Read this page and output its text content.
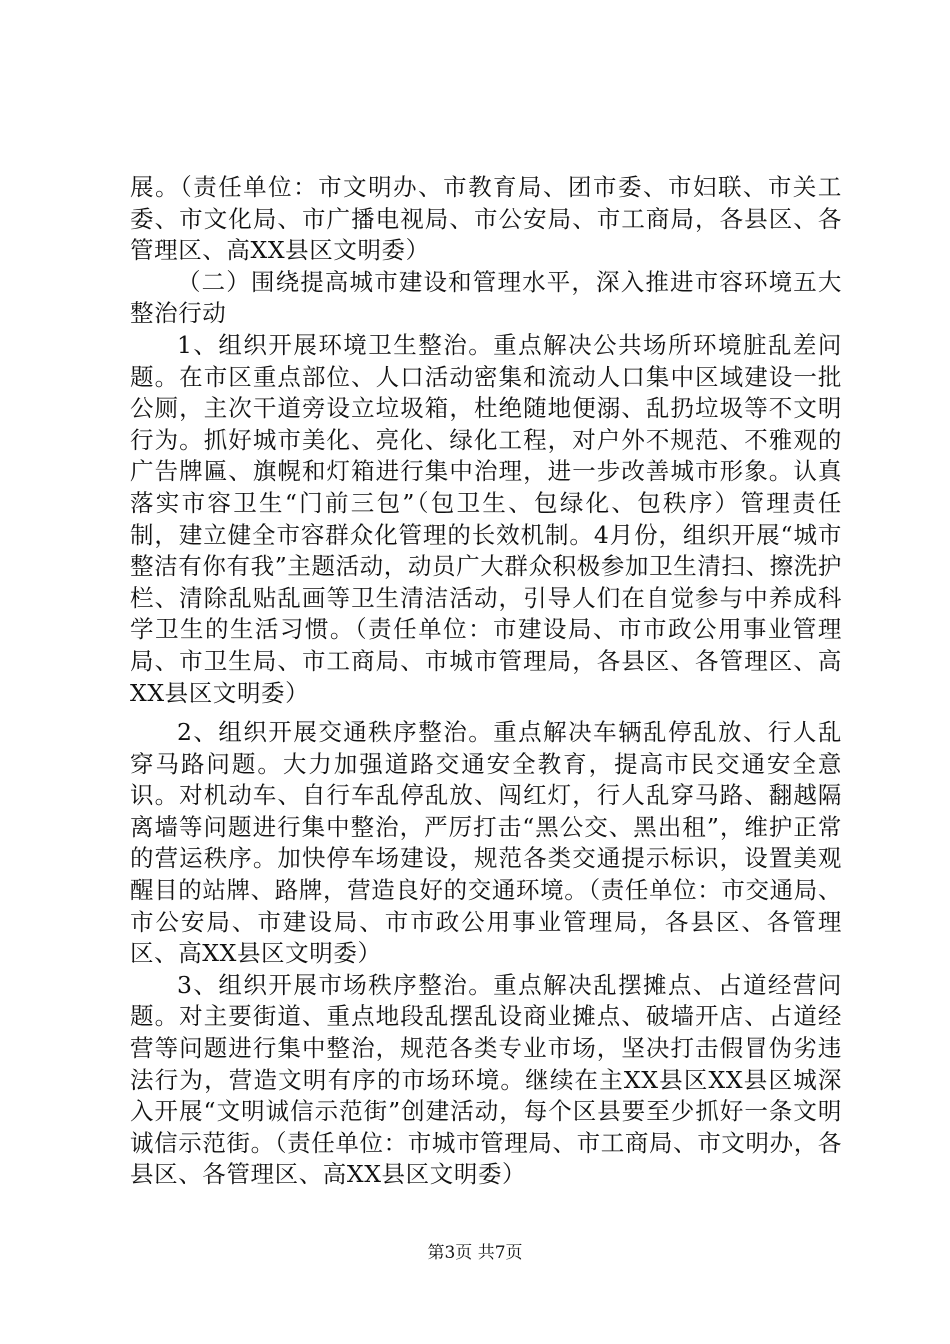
展。（责任单位：市文明办、市教育局、团市委、市妇联、市关工委、市文化局、市广播电视局、市公安局、市工商局，各县区、各管理区、高XX县区文明委）

（二）围绕提高城市建设和管理水平，深入推进市容环境五大整治行动

1、组织开展环境卫生整治。重点解决公共场所环境脏乱差问题。在市区重点部位、人口活动密集和流动人口集中区域建设一批公厕，主次干道旁设立垃圾箱，杜绝随地便溺、乱扔垃圾等不文明行为。抓好城市美化、亮化、绿化工程，对户外不规范、不雅观的广告牌匾、旗幌和灯箱进行集中治理，进一步改善城市形象。认真落实市容卫生“门前三包”（包卫生、包绿化、包秩序）管理责任制，建立健全市容群众化管理的长效机制。4月份，组织开展“城市整洁有你有我”主题活动，动员广大群众积极参加卫生清扫、擦洗护栏、清除乱贴乱画等卫生清洁活动，引导人们在自觉参与中养成科学卫生的生活习惯。（责任单位：市建设局、市市政公用事业管理局、市卫生局、市工商局、市城市管理局，各县区、各管理区、高XX县区文明委）

2、组织开展交通秩序整治。重点解决车辆乱停乱放、行人乱穿马路问题。大力加强道路交通安全教育，提高市民交通安全意识。对机动车、自行车乱停乱放、闯红灯，行人乱穿马路、翻越隔离墙等问题进行集中整治，严厉打击“黑公交、黑出租”，维护正常的营运秩序。加快停车场建设，规范各类交通提示标识，设置美观醒目的站牌、路牌，营造良好的交通环境。（责任单位：市交通局、市公安局、市建设局、市市政公用事业管理局，各县区、各管理区、高XX县区文明委）

3、组织开展市场秩序整治。重点解决乱摆摊点、占道经营问题。对主要街道、重点地段乱摆乱设商业摊点、破墙开店、占道经营等问题进行集中整治，规范各类专业市场，坚决打击假冒伪劣违法行为，营造文明有序的市场环境。继续在主XX县区XX县区城深入开展“文明诚信示范街”创建活动，每个区县要至少抓好一条文明诚信示范街。（责任单位：市城市管理局、市工商局、市文明办，各县区、各管理区、高XX县区文明委）

第3页 共7页
